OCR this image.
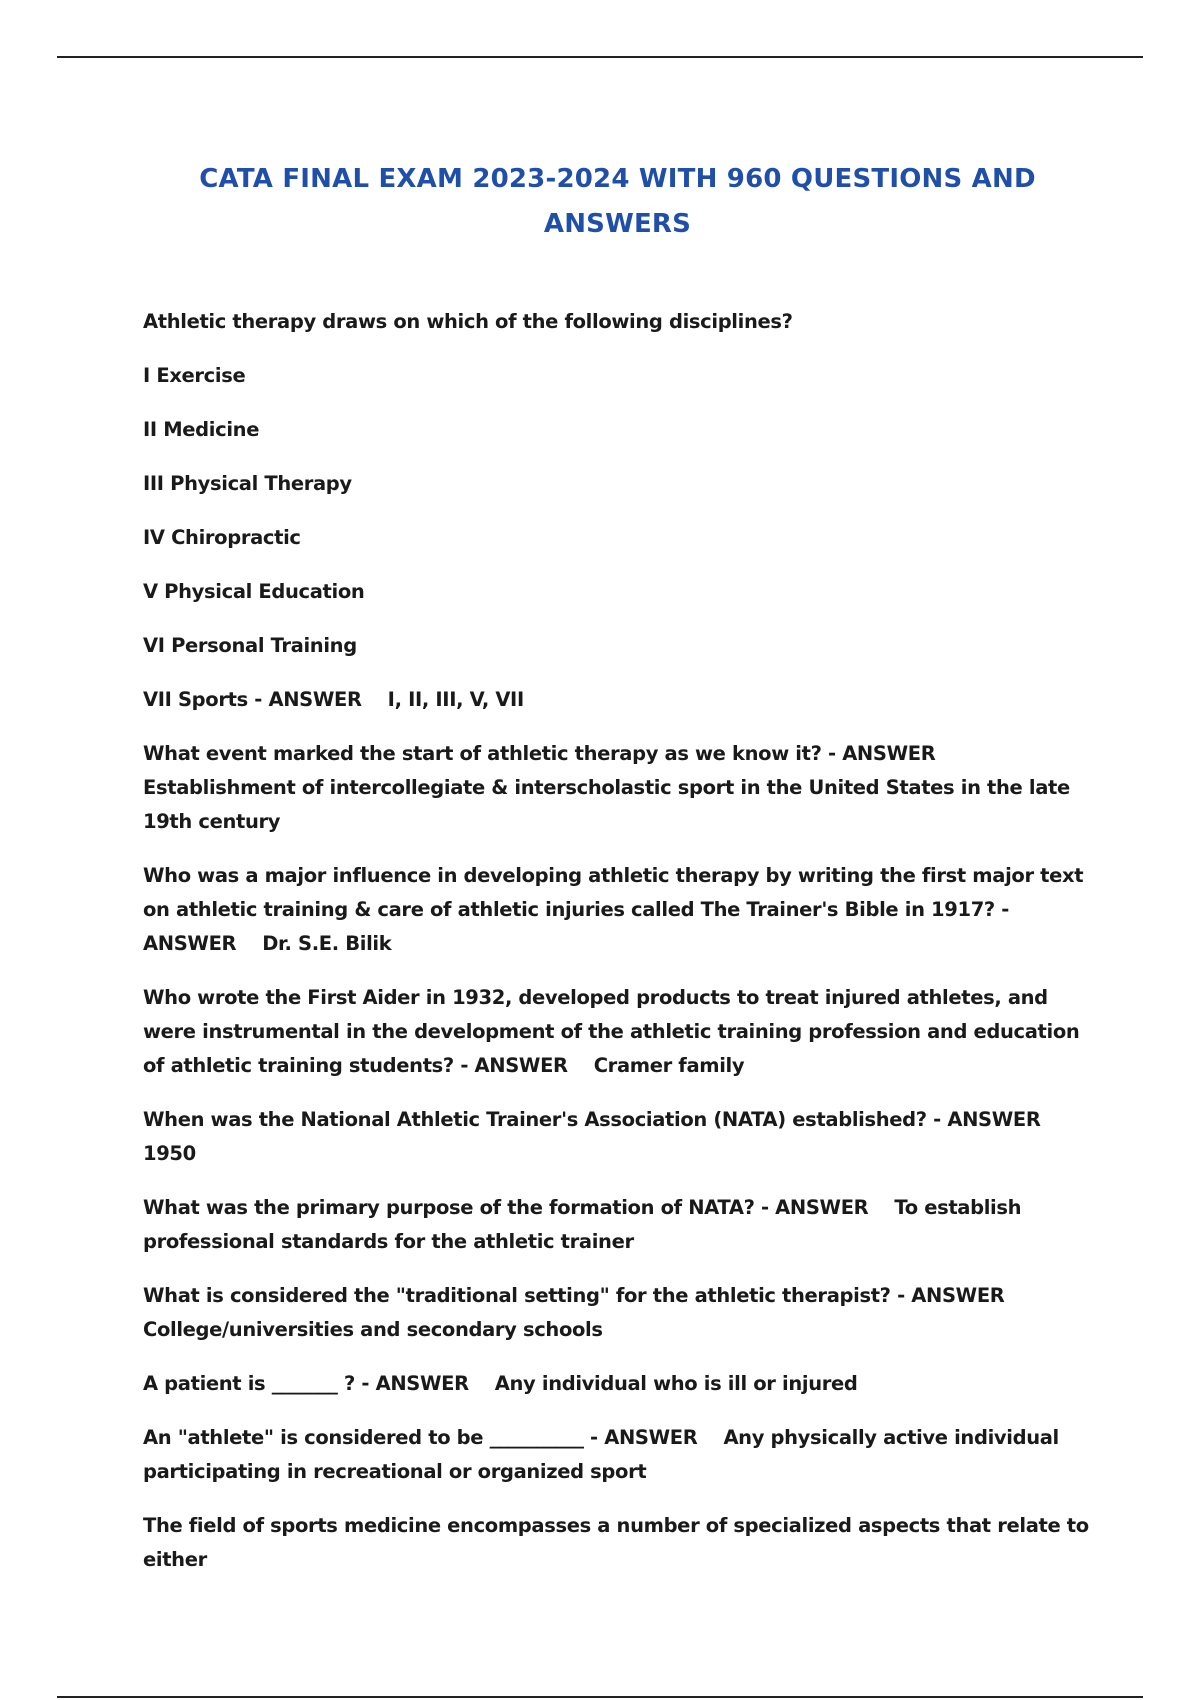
CATA FINAL EXAM 2023-2024 WITH 960 QUESTIONS AND ANSWERS

Athletic therapy draws on which of the following disciplines?

I Exercise

II Medicine

III Physical Therapy

IV Chiropractic

V Physical Education

VI Personal Training

VII Sports - ANSWER I, II, III, V, VII

What event marked the start of athletic therapy as we know it? - ANSWEREstablishment of intercollegiate & interscholastic sport in the United States in the late 19th century

Who was a major influence in developing athletic therapy by writing the first major text on athletic training & care of athletic injuries called The Trainer's Bible in 1917? - ANSWER Dr. S.E. Bilik

Who wrote the First Aider in 1932, developed products to treat injured athletes, and were instrumental in the development of the athletic training profession and education of athletic training students? - ANSWER Cramer family

When was the National Athletic Trainer's Association (NATA) established? - ANSWER1950

What was the primary purpose of the formation of NATA? - ANSWER To establish professional standards for the athletic trainer

What is considered the "traditional setting" for the athletic therapist? - ANSWERCollege/universities and secondary schools

A patient is _______ ? - ANSWER Any individual who is ill or injured

An "athlete" is considered to be __________ - ANSWER Any physically active individual participating in recreational or organized sport

The field of sports medicine encompasses a number of specialized aspects that relate to either
